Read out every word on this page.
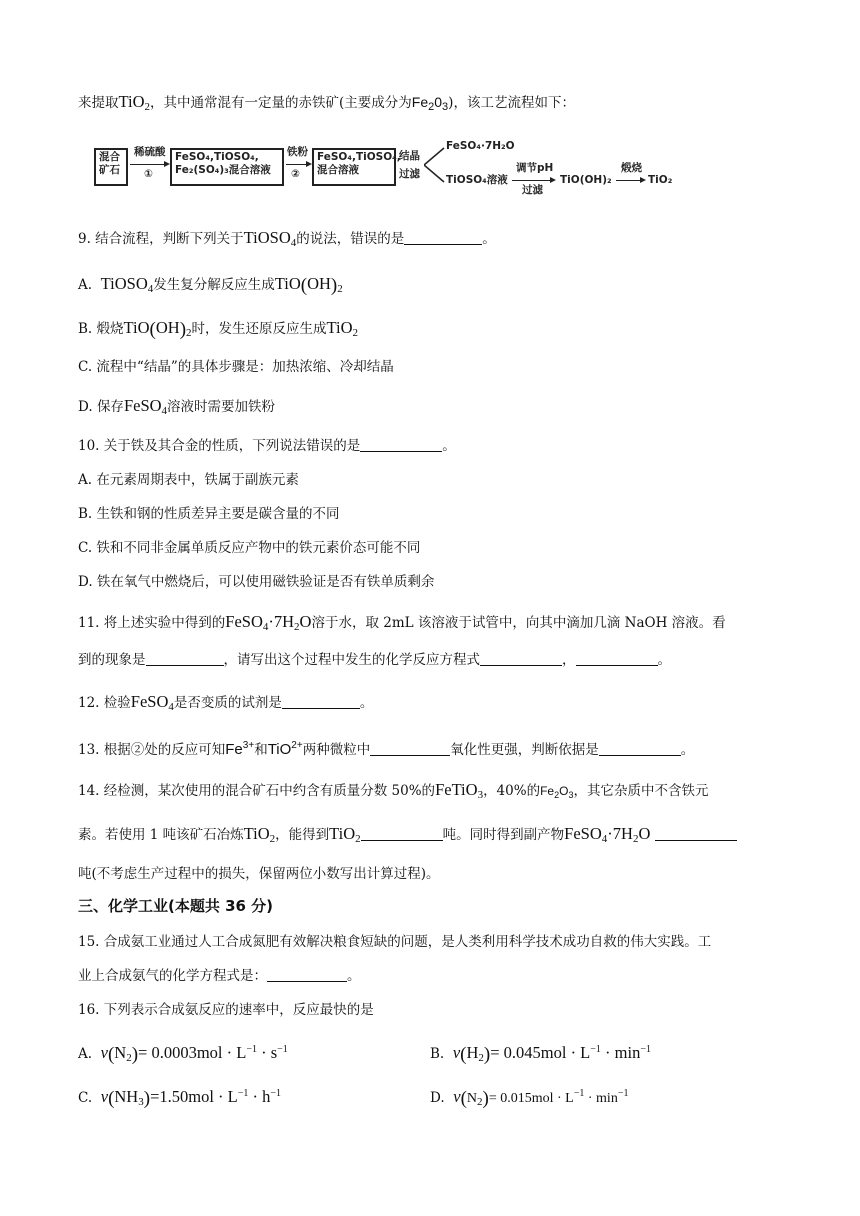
来提取TiO2，其中通常混有一定量的赤铁矿(主要成分为$Fe_20_3$)，该工艺流程如下：
混合
矿石
稀硫酸
①
FeSO₄,TiOSO₄,
Fe₂(SO₄)₃混合溶液
铁粉
②
FeSO₄,TiOSO₄,
混合溶液
结晶
过滤
FeSO₄·7H₂O
TiOSO₄溶液
调节pH
过滤
TiO(OH)₂
煅烧
TiO₂
9. 结合流程，判断下列关于TiOSO4的说法，错误的是	。
A. TiOSO4发生复分解反应生成TiO(OH)2
B. 煅烧TiO(OH)2时，发生还原反应生成TiO2
C. 流程中“结晶”的具体步骤是：加热浓缩、冷却结晶
D. 保存FeSO4溶液时需要加铁粉
10. 关于铁及其合金的性质，下列说法错误的是	。
A. 在元素周期表中，铁属于副族元素
B. 生铁和钢的性质差异主要是碳含量的不同
C. 铁和不同非金属单质反应产物中的铁元素价态可能不同
D. 铁在氧气中燃烧后，可以使用磁铁验证是否有铁单质剩余
11. 将上述实验中得到的FeSO4·7H2O溶于水，取 2mL 该溶液于试管中，向其中滴加几滴 NaOH 溶液。看
到的现象是	，请写出这个过程中发生的化学反应方程式	，	。
12. 检验FeSO4是否变质的试剂是	。
13. 根据②处的反应可知$Fe^{3+}$和TiO$^{2+}$两种微粒中	氧化性更强，判断依据是	。
14. 经检测，某次使用的混合矿石中约含有质量分数 50%的FeTiO3，40%的$Fe_2O_3$，其它杂质中不含铁元
素。若使用 1 吨该矿石冶炼TiO2，能得到TiO2	吨。同时得到副产物FeSO4·7H2O
吨(不考虑生产过程中的损失，保留两位小数写出计算过程)。
三、化学工业(本题共 36 分)
15. 合成氨工业通过人工合成氮肥有效解决粮食短缺的问题，是人类利用科学技术成功自救的伟大实践。工
业上合成氨气的化学方程式是：	。
16. 下列表示合成氨反应的速率中，反应最快的是
A. $v(N2)= 0.0003mol \cdot L^{-1} \cdot s^{-1}$	B. $v(H2)= 0.045mol \cdot L^{-1} \cdot \min^{-1}$
C. $v(NH3)=1.50mol \cdot L^{-1} \cdot h^{-1}$	D. $v(N_2)= 0.015mol \cdot L^{-1} \cdot \min^{-1}$
